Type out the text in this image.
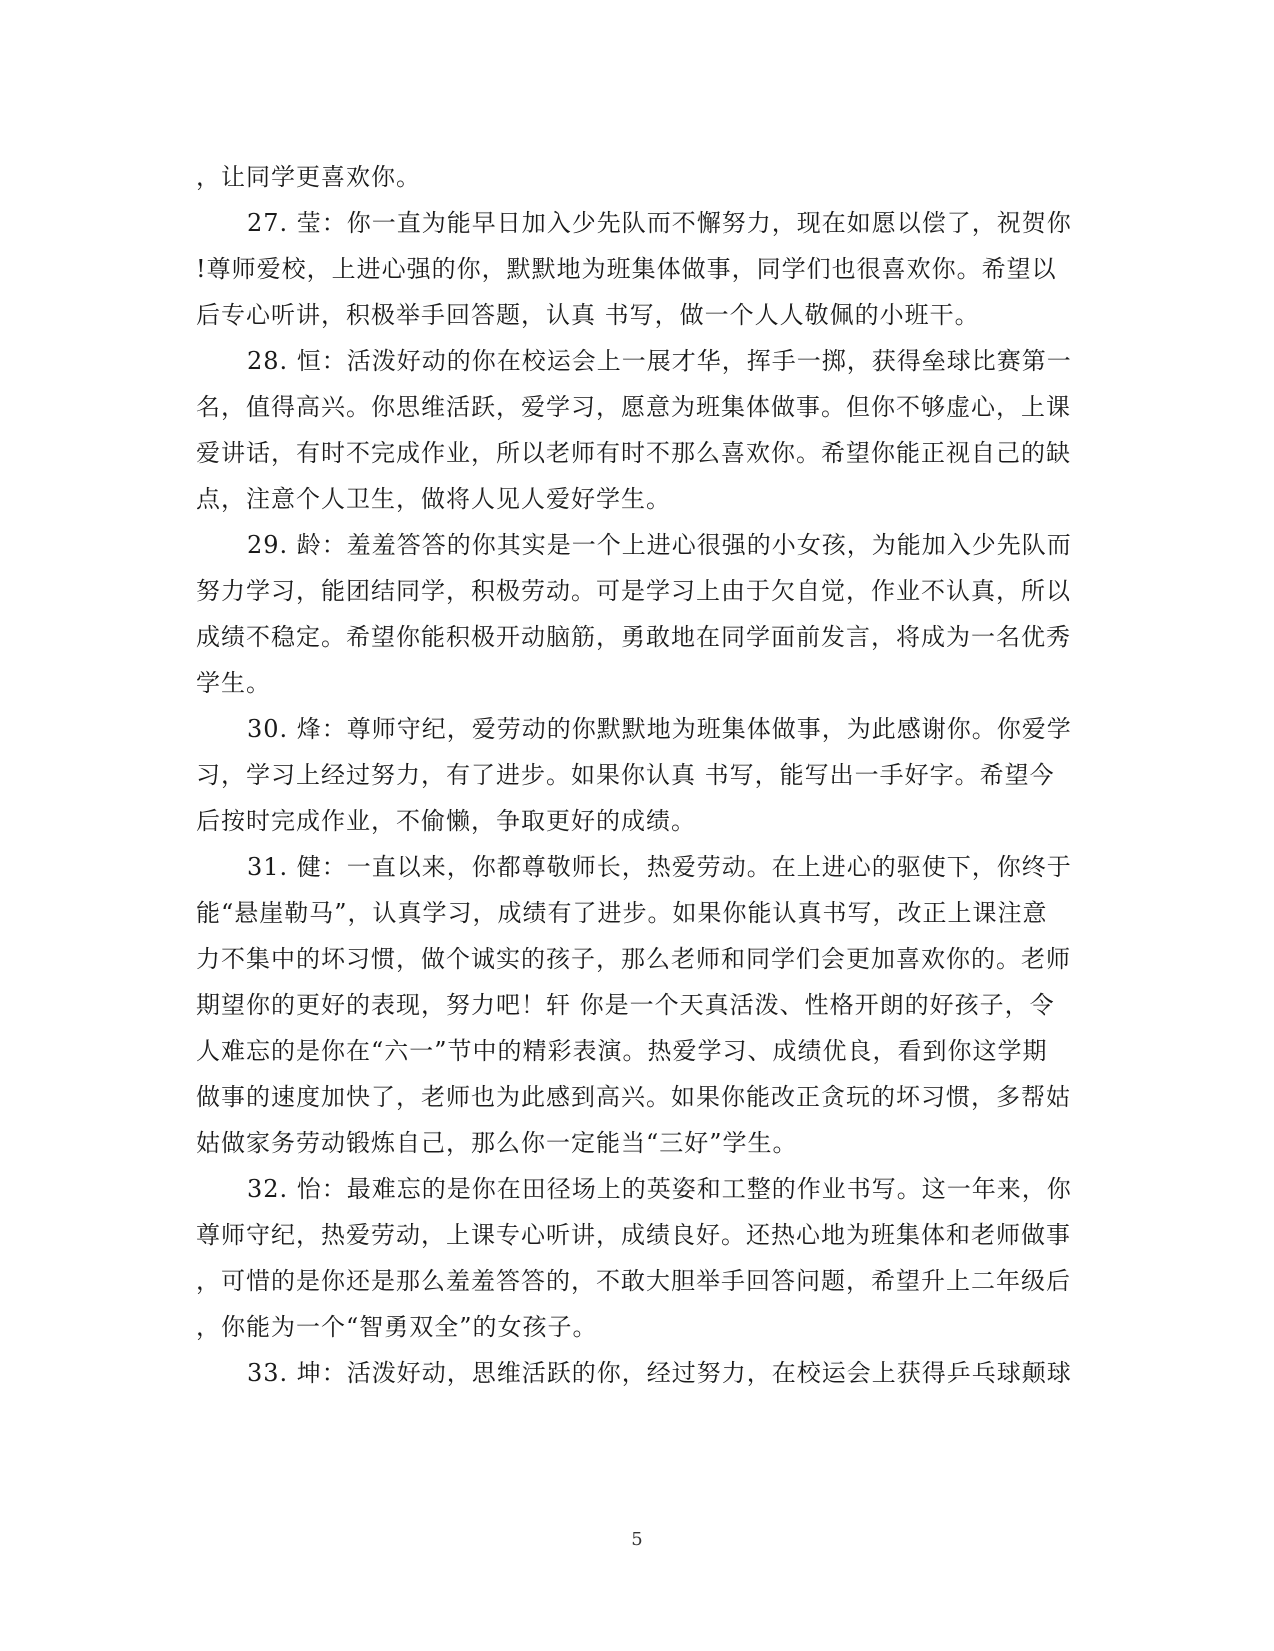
，让同学更喜欢你。
27. 莹：你一直为能早日加入少先队而不懈努力，现在如愿以偿了，祝贺你
!尊师爱校，上进心强的你，默默地为班集体做事，同学们也很喜欢你。希望以
后专心听讲，积极举手回答题，认真 书写，做一个人人敬佩的小班干。
28. 恒：活泼好动的你在校运会上一展才华，挥手一掷，获得垒球比赛第一
名，值得高兴。你思维活跃，爱学习，愿意为班集体做事。但你不够虚心，上课
爱讲话，有时不完成作业，所以老师有时不那么喜欢你。希望你能正视自己的缺
点，注意个人卫生，做将人见人爱好学生。
29. 龄：羞羞答答的你其实是一个上进心很强的小女孩，为能加入少先队而
努力学习，能团结同学，积极劳动。可是学习上由于欠自觉，作业不认真，所以
成绩不稳定。希望你能积极开动脑筋，勇敢地在同学面前发言，将成为一名优秀
学生。
30. 烽：尊师守纪，爱劳动的你默默地为班集体做事，为此感谢你。你爱学
习，学习上经过努力，有了进步。如果你认真 书写，能写出一手好字。希望今
后按时完成作业，不偷懒，争取更好的成绩。
31. 健：一直以来，你都尊敬师长，热爱劳动。在上进心的驱使下，你终于
能“悬崖勒马”，认真学习，成绩有了进步。如果你能认真书写，改正上课注意
力不集中的坏习惯，做个诚实的孩子，那么老师和同学们会更加喜欢你的。老师
期望你的更好的表现，努力吧！轩 你是一个天真活泼、性格开朗的好孩子，令
人难忘的是你在“六一”节中的精彩表演。热爱学习、成绩优良，看到你这学期
做事的速度加快了，老师也为此感到高兴。如果你能改正贪玩的坏习惯，多帮姑
姑做家务劳动锻炼自己，那么你一定能当“三好”学生。
32. 怡：最难忘的是你在田径场上的英姿和工整的作业书写。这一年来，你
尊师守纪，热爱劳动，上课专心听讲，成绩良好。还热心地为班集体和老师做事
，可惜的是你还是那么羞羞答答的，不敢大胆举手回答问题，希望升上二年级后
，你能为一个“智勇双全”的女孩子。
33. 坤：活泼好动，思维活跃的你，经过努力，在校运会上获得乒乓球颠球
5
